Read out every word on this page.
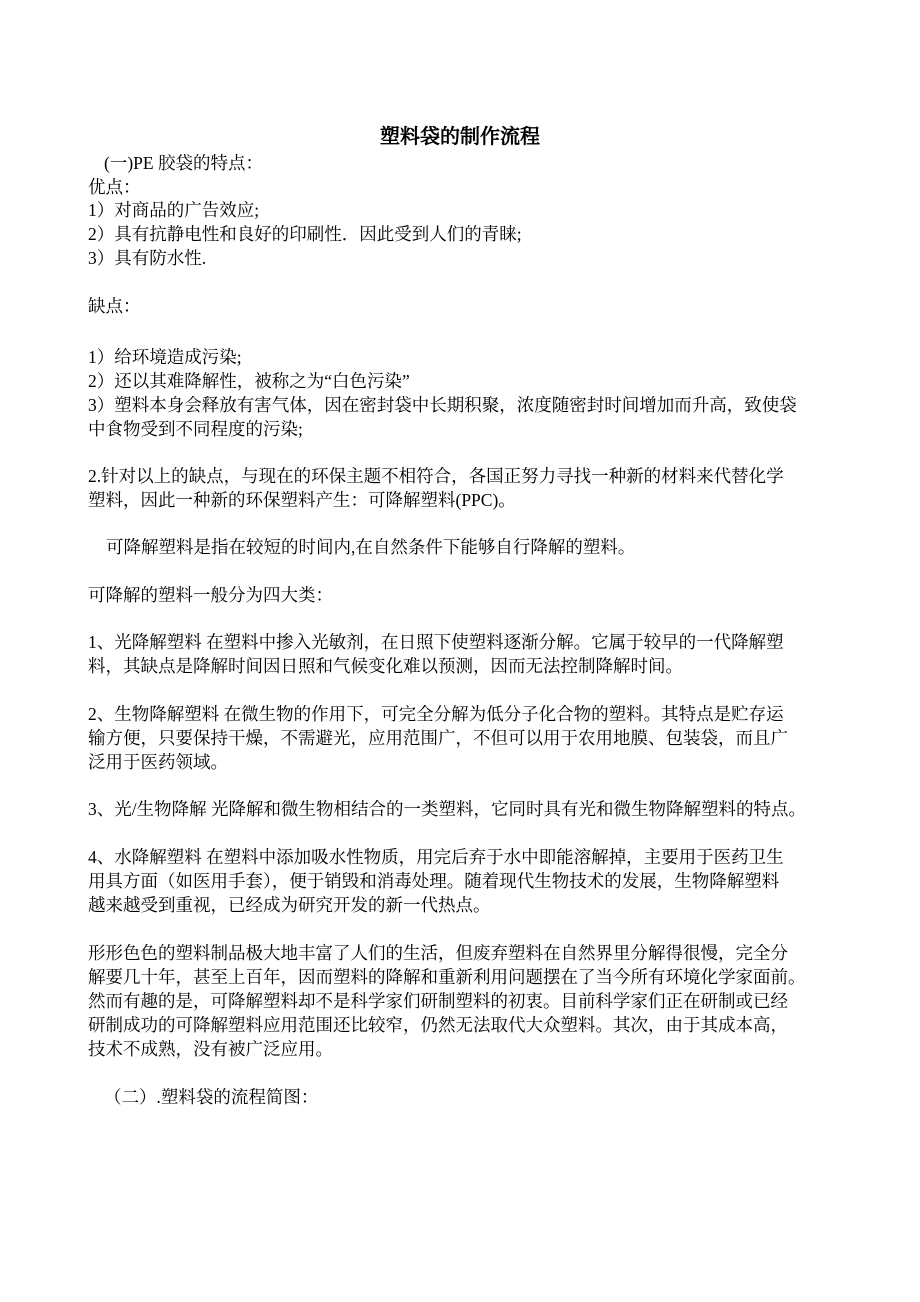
塑料袋的制作流程
(一)PE 胶袋的特点：
优点：
1）对商品的广告效应;
2）具有抗静电性和良好的印刷性．因此受到人们的青睐;
3）具有防水性.
缺点：
1）给环境造成污染;
2）还以其难降解性，被称之为“白色污染”
3）塑料本身会释放有害气体，因在密封袋中长期积聚，浓度随密封时间增加而升高，致使袋
中食物受到不同程度的污染;
2.针对以上的缺点，与现在的环保主题不相符合，各国正努力寻找一种新的材料来代替化学
塑料，因此一种新的环保塑料产生：可降解塑料(PPC)。
可降解塑料是指在较短的时间内,在自然条件下能够自行降解的塑料。
可降解的塑料一般分为四大类：
1、光降解塑料 在塑料中掺入光敏剂，在日照下使塑料逐渐分解。它属于较早的一代降解塑
料，其缺点是降解时间因日照和气候变化难以预测，因而无法控制降解时间。
2、生物降解塑料 在微生物的作用下，可完全分解为低分子化合物的塑料。其特点是贮存运
输方便，只要保持干燥，不需避光，应用范围广，不但可以用于农用地膜、包装袋，而且广
泛用于医药领域。
3、光/生物降解 光降解和微生物相结合的一类塑料，它同时具有光和微生物降解塑料的特点。
4、水降解塑料 在塑料中添加吸水性物质，用完后弃于水中即能溶解掉，主要用于医药卫生
用具方面（如医用手套），便于销毁和消毒处理。随着现代生物技术的发展，生物降解塑料
越来越受到重视，已经成为研究开发的新一代热点。
形形色色的塑料制品极大地丰富了人们的生活，但废弃塑料在自然界里分解得很慢，完全分
解要几十年，甚至上百年，因而塑料的降解和重新利用问题摆在了当今所有环境化学家面前。
然而有趣的是，可降解塑料却不是科学家们研制塑料的初衷。目前科学家们正在研制或已经
研制成功的可降解塑料应用范围还比较窄，仍然无法取代大众塑料。其次，由于其成本高，
技术不成熟，没有被广泛应用。
（二）.塑料袋的流程简图：
